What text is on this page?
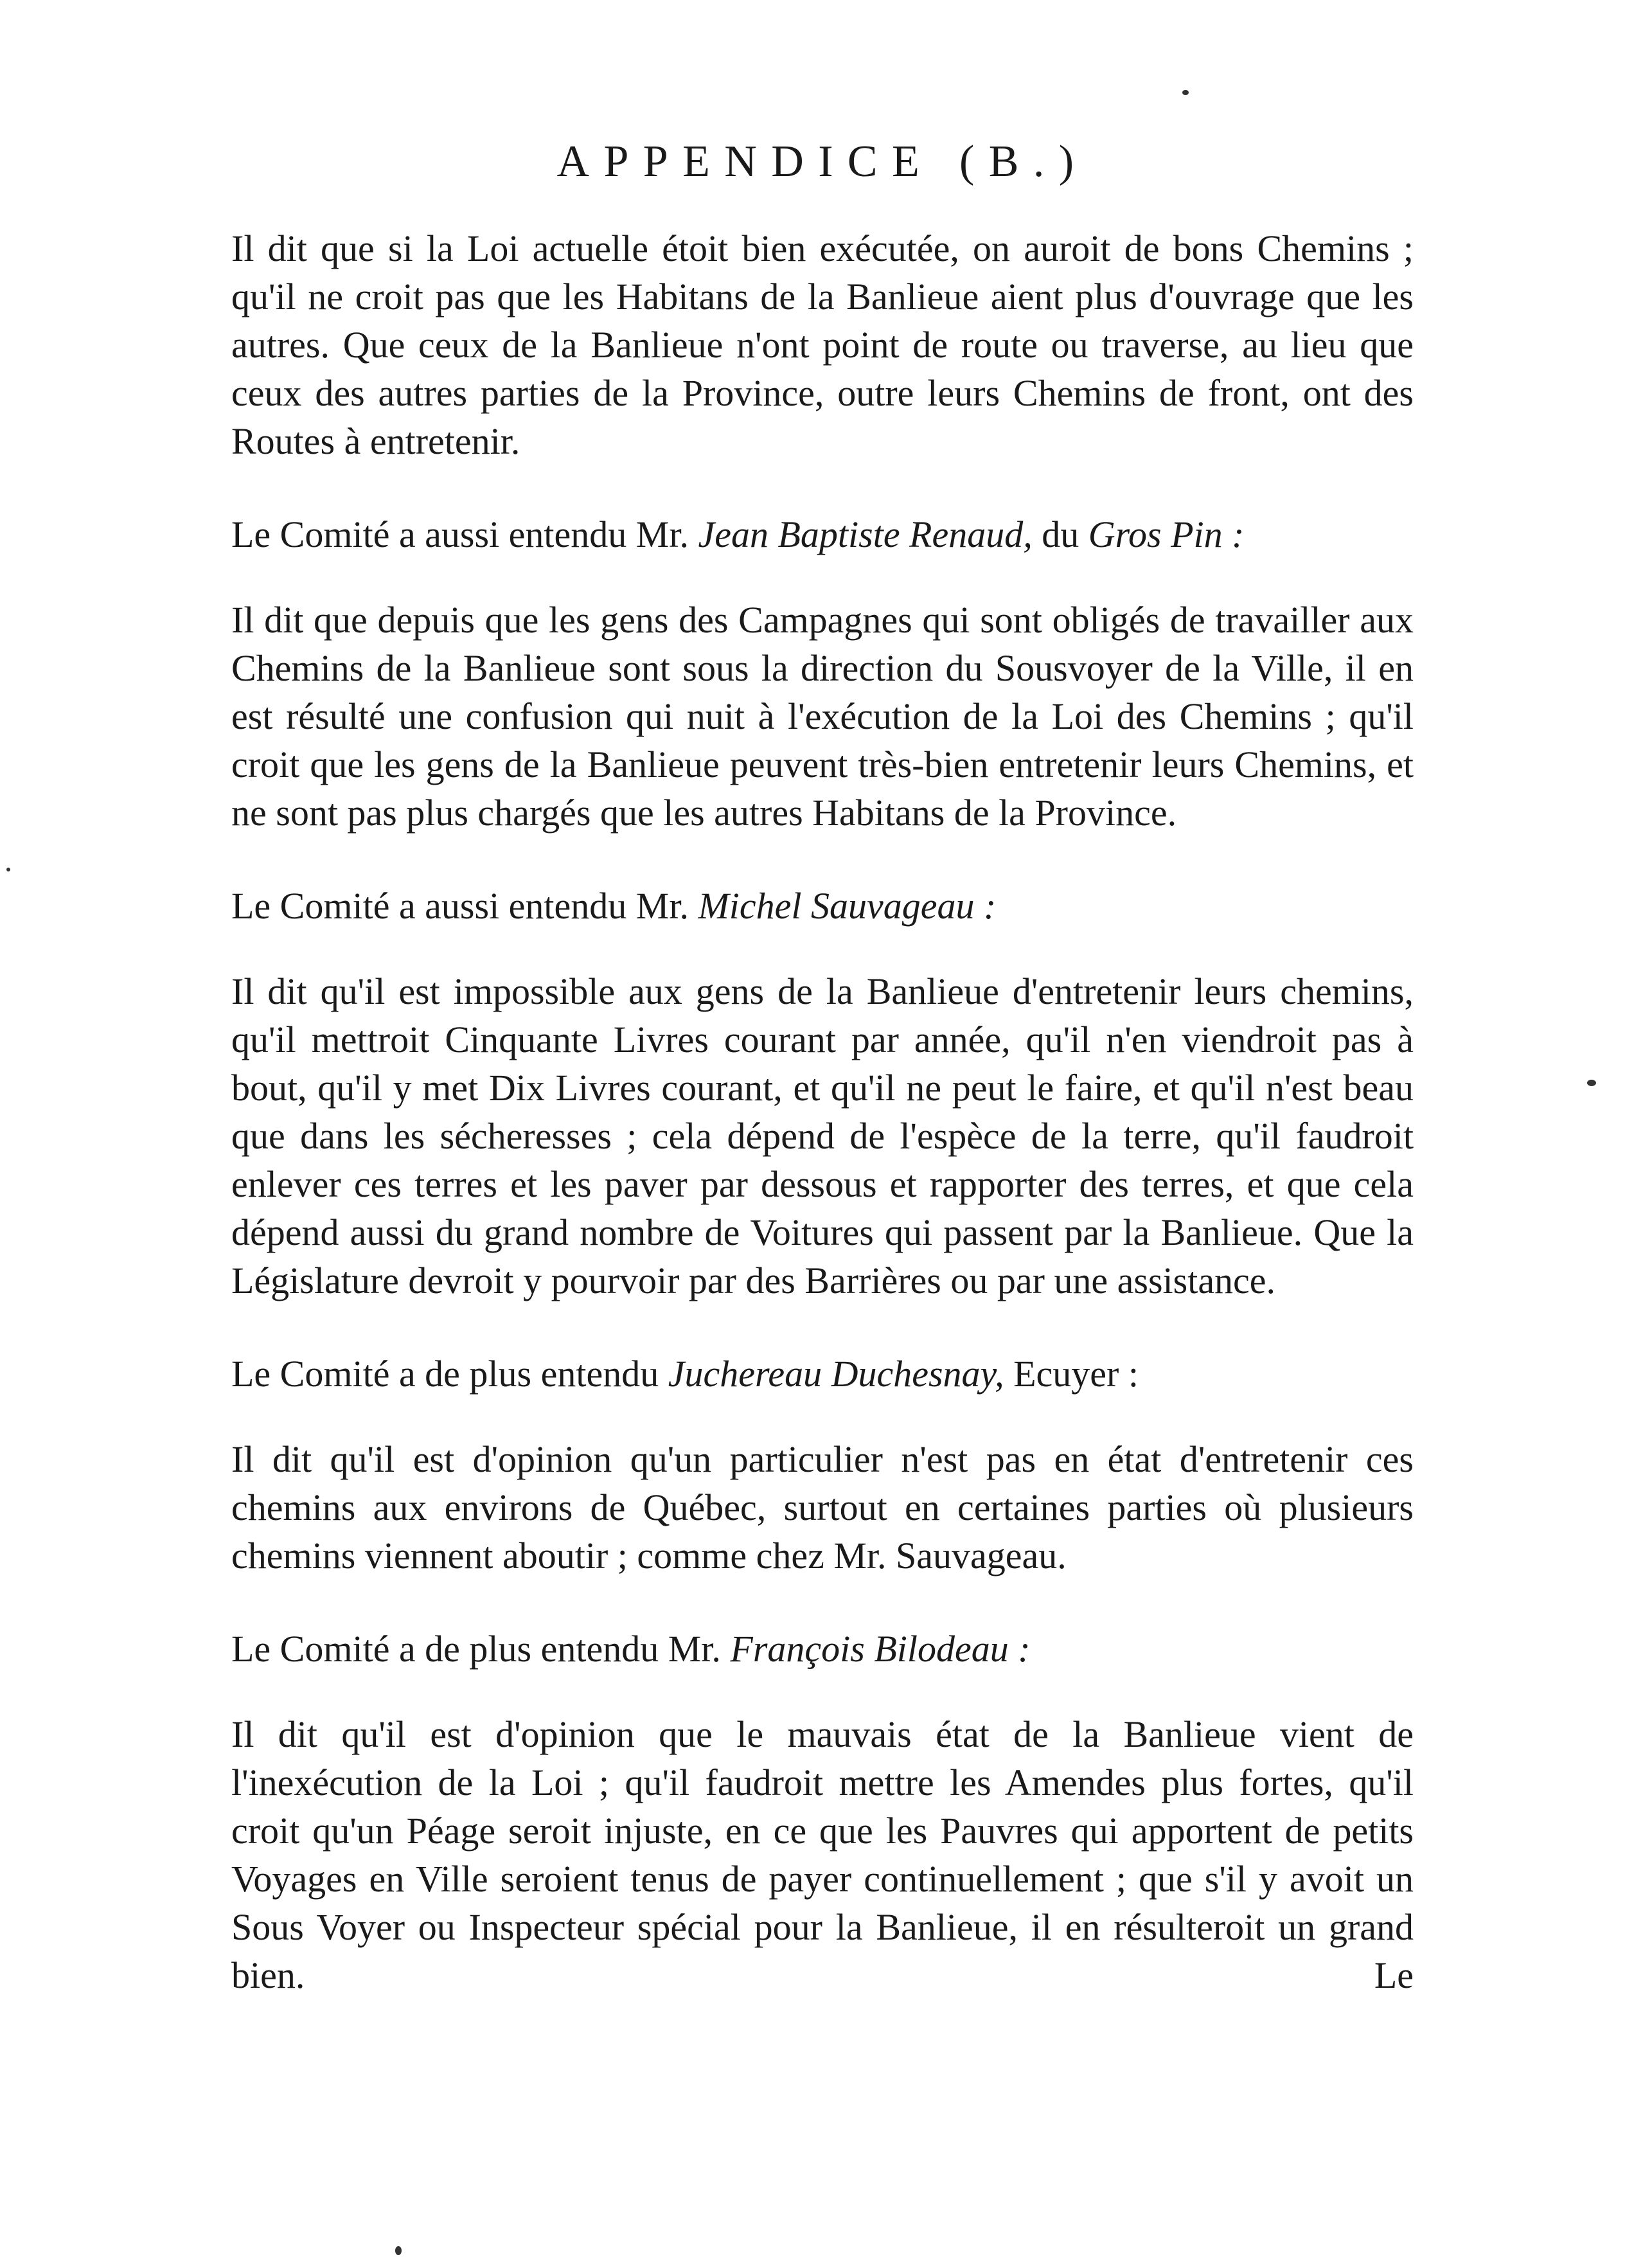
APPENDICE (B.)
Il dit que si la Loi actuelle étoit bien exécutée, on auroit de bons Chemins ; qu'il ne croit pas que les Habitans de la Banlieue aient plus d'ouvrage que les autres. Que ceux de la Banlieue n'ont point de route ou traverse, au lieu que ceux des autres parties de la Province, outre leurs Chemins de front, ont des Routes à entretenir.
Le Comité a aussi entendu Mr. Jean Baptiste Renaud, du Gros Pin :
Il dit que depuis que les gens des Campagnes qui sont obligés de travailler aux Chemins de la Banlieue sont sous la direction du Sousvoyer de la Ville, il en est résulté une confusion qui nuit à l'exécution de la Loi des Chemins ; qu'il croit que les gens de la Banlieue peuvent très-bien entretenir leurs Chemins, et ne sont pas plus chargés que les autres Habitans de la Province.
Le Comité a aussi entendu Mr. Michel Sauvageau :
Il dit qu'il est impossible aux gens de la Banlieue d'entretenir leurs chemins, qu'il mettroit Cinquante Livres courant par année, qu'il n'en viendroit pas à bout, qu'il y met Dix Livres courant, et qu'il ne peut le faire, et qu'il n'est beau que dans les sécheresses ; cela dépend de l'espèce de la terre, qu'il faudroit enlever ces terres et les paver par dessous et rapporter des terres, et que cela dépend aussi du grand nombre de Voitures qui passent par la Banlieue. Que la Législature devroit y pourvoir par des Barrières ou par une assistance.
Le Comité a de plus entendu Juchereau Duchesnay, Ecuyer :
Il dit qu'il est d'opinion qu'un particulier n'est pas en état d'entretenir ces chemins aux environs de Québec, surtout en certaines parties où plusieurs chemins viennent aboutir ; comme chez Mr. Sauvageau.
Le Comité a de plus entendu Mr. François Bilodeau :
Il dit qu'il est d'opinion que le mauvais état de la Banlieue vient de l'inexécution de la Loi ; qu'il faudroit mettre les Amendes plus fortes, qu'il croit qu'un Péage seroit injuste, en ce que les Pauvres qui apportent de petits Voyages en Ville seroient tenus de payer continuellement ; que s'il y avoit un Sous Voyer ou Inspecteur spécial pour la Banlieue, il en résulteroit un grand bien.	Le
